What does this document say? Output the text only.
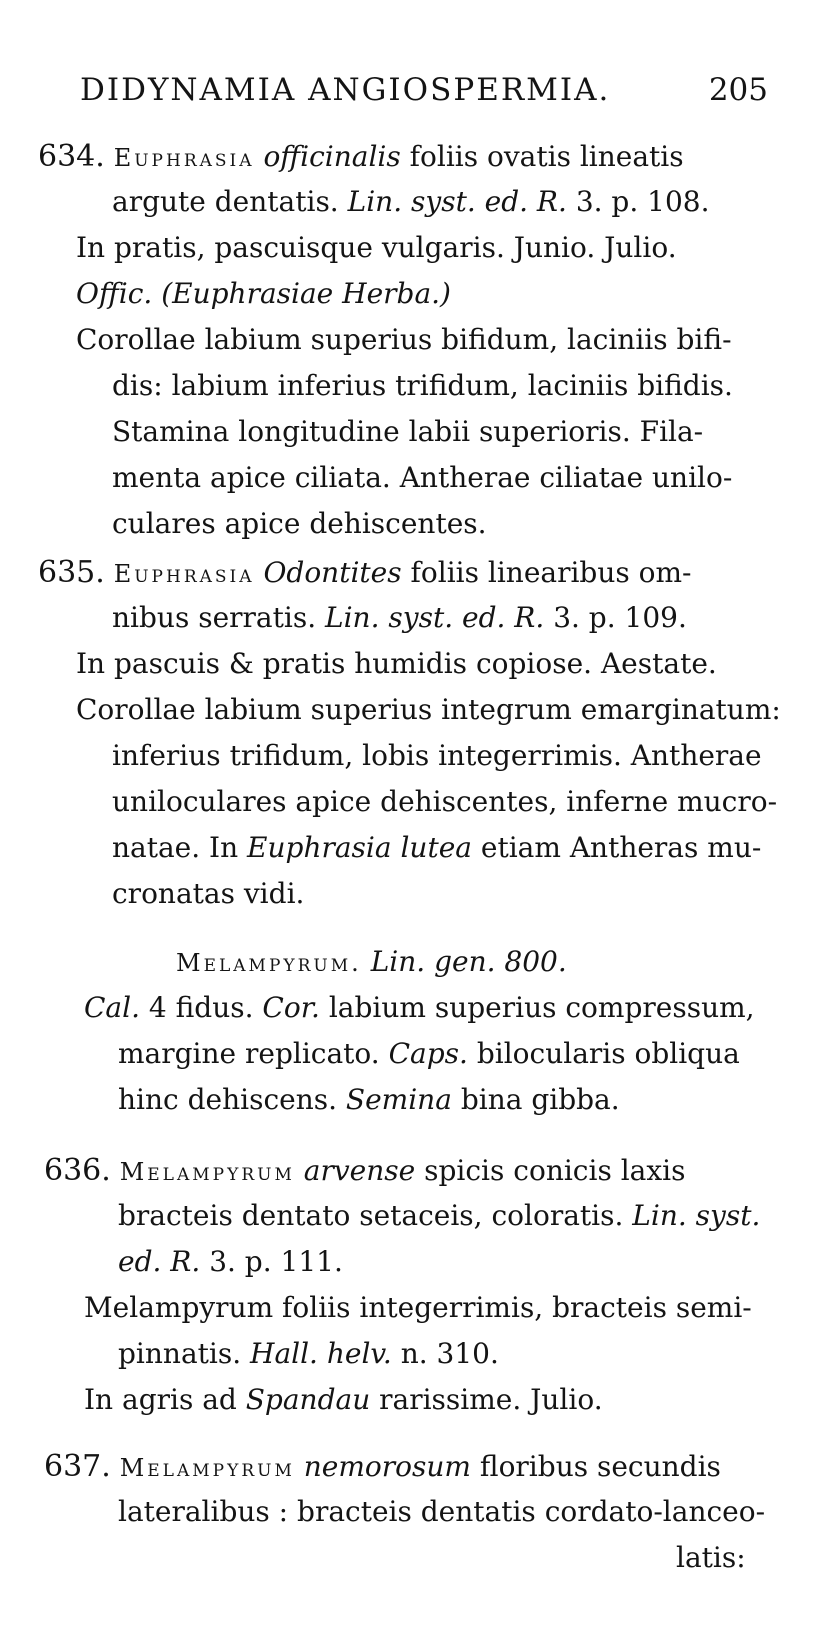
DIDYNAMIA ANGIOSPERMIA.	205
634. Euphrasia officinalis foliis ovatis lineatis
argute dentatis. Lin. syst. ed. R. 3. p. 108.
In pratis, pascuisque vulgaris. Junio. Julio.
Offic. (Euphrasiae Herba.)
Corollae labium superius bifidum, laciniis bifi-
dis: labium inferius trifidum, laciniis bifidis.
Stamina longitudine labii superioris. Fila-
menta apice ciliata. Antherae ciliatae unilo-
culares apice dehiscentes.
635. Euphrasia Odontites foliis linearibus om-
nibus serratis. Lin. syst. ed. R. 3. p. 109.
In pascuis & pratis humidis copiose. Aestate.
Corollae labium superius integrum emarginatum:
inferius trifidum, lobis integerrimis. Antherae
uniloculares apice dehiscentes, inferne mucro-
natae. In Euphrasia lutea etiam Antheras mu-
cronatas vidi.
Melampyrum. Lin. gen. 800.
Cal. 4 fidus. Cor. labium superius compressum,
margine replicato. Caps. bilocularis obliqua
hinc dehiscens. Semina bina gibba.
636. Melampyrum arvense spicis conicis laxis
bracteis dentato setaceis, coloratis. Lin. syst.
ed. R. 3. p. 111.
Melampyrum foliis integerrimis, bracteis semi-
pinnatis. Hall. helv. n. 310.
In agris ad Spandau rarissime. Julio.
637. Melampyrum nemorosum floribus secundis
lateralibus : bracteis dentatis cordato-lanceo-
latis:
